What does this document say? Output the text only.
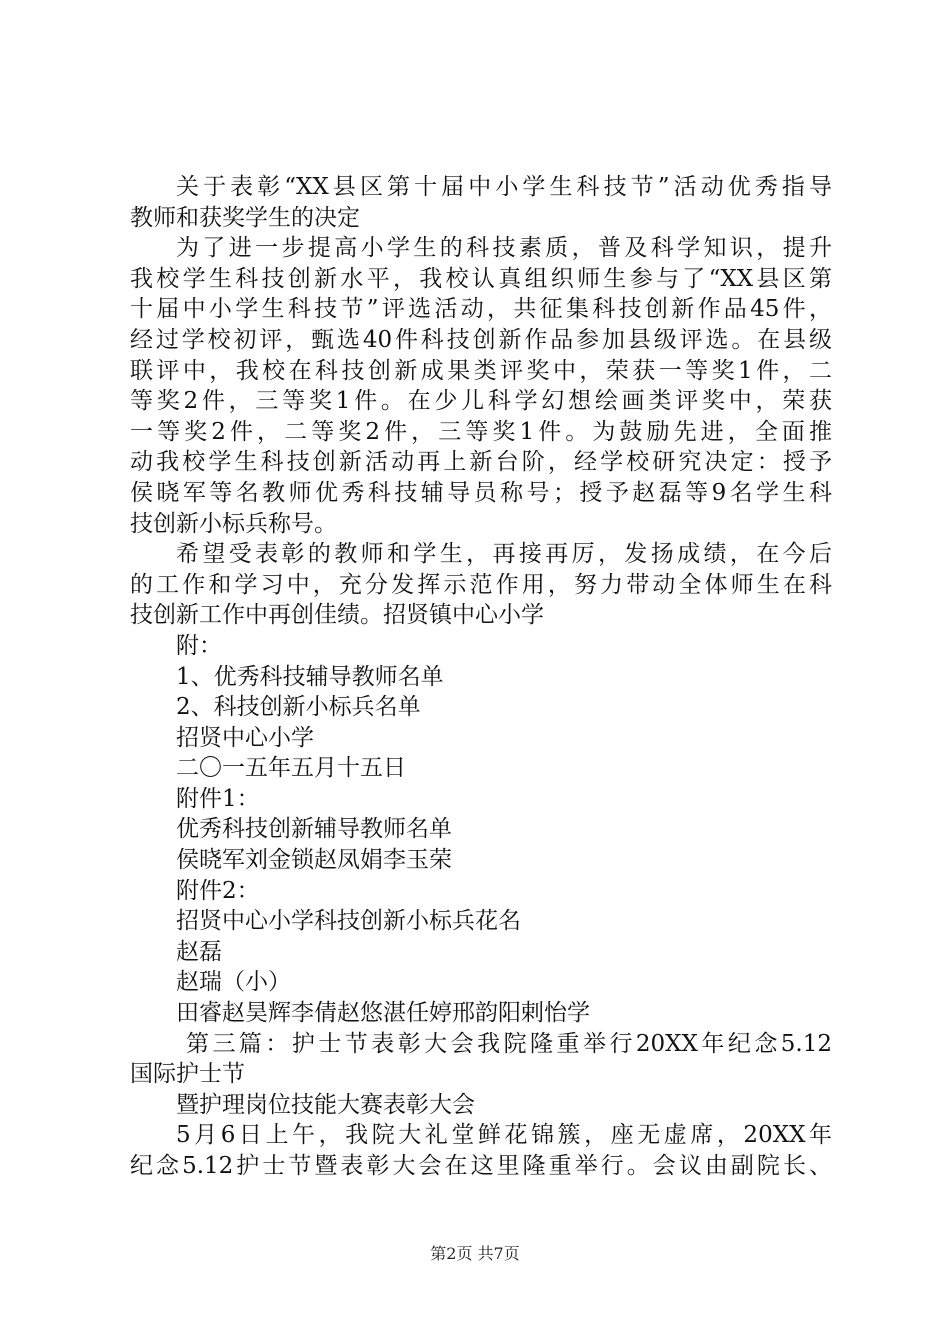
关于表彰“XX县区第十届中小学生科技节”活动优秀指导

教师和获奖学生的决定

为了进一步提高小学生的科技素质，普及科学知识，提升

我校学生科技创新水平，我校认真组织师生参与了“XX县区第

十届中小学生科技节”评选活动，共征集科技创新作品45件，

经过学校初评，甄选40件科技创新作品参加县级评选。在县级

联评中，我校在科技创新成果类评奖中，荣获一等奖1件，二

等奖2件，三等奖1件。在少儿科学幻想绘画类评奖中，荣获

一等奖2件，二等奖2件，三等奖1件。为鼓励先进，全面推

动我校学生科技创新活动再上新台阶，经学校研究决定：授予

侯晓军等名教师优秀科技辅导员称号；授予赵磊等9名学生科

技创新小标兵称号。

希望受表彰的教师和学生，再接再厉，发扬成绩，在今后

的工作和学习中，充分发挥示范作用，努力带动全体师生在科

技创新工作中再创佳绩。招贤镇中心小学

附：

1、优秀科技辅导教师名单

2、科技创新小标兵名单

招贤中心小学

二〇一五年五月十五日

附件1：

优秀科技创新辅导教师名单

侯晓军刘金锁赵凤娟李玉荣

附件2：

招贤中心小学科技创新小标兵花名

赵磊

赵瑞（小）

田睿赵昊辉李倩赵悠湛任婷邢韵阳剌怡学

第三篇：护士节表彰大会我院隆重举行20XX年纪念5.12

国际护士节

暨护理岗位技能大赛表彰大会

5月6日上午，我院大礼堂鲜花锦簇，座无虚席，20XX年

纪念5.12护士节暨表彰大会在这里隆重举行。会议由副院长、

第2页 共7页
